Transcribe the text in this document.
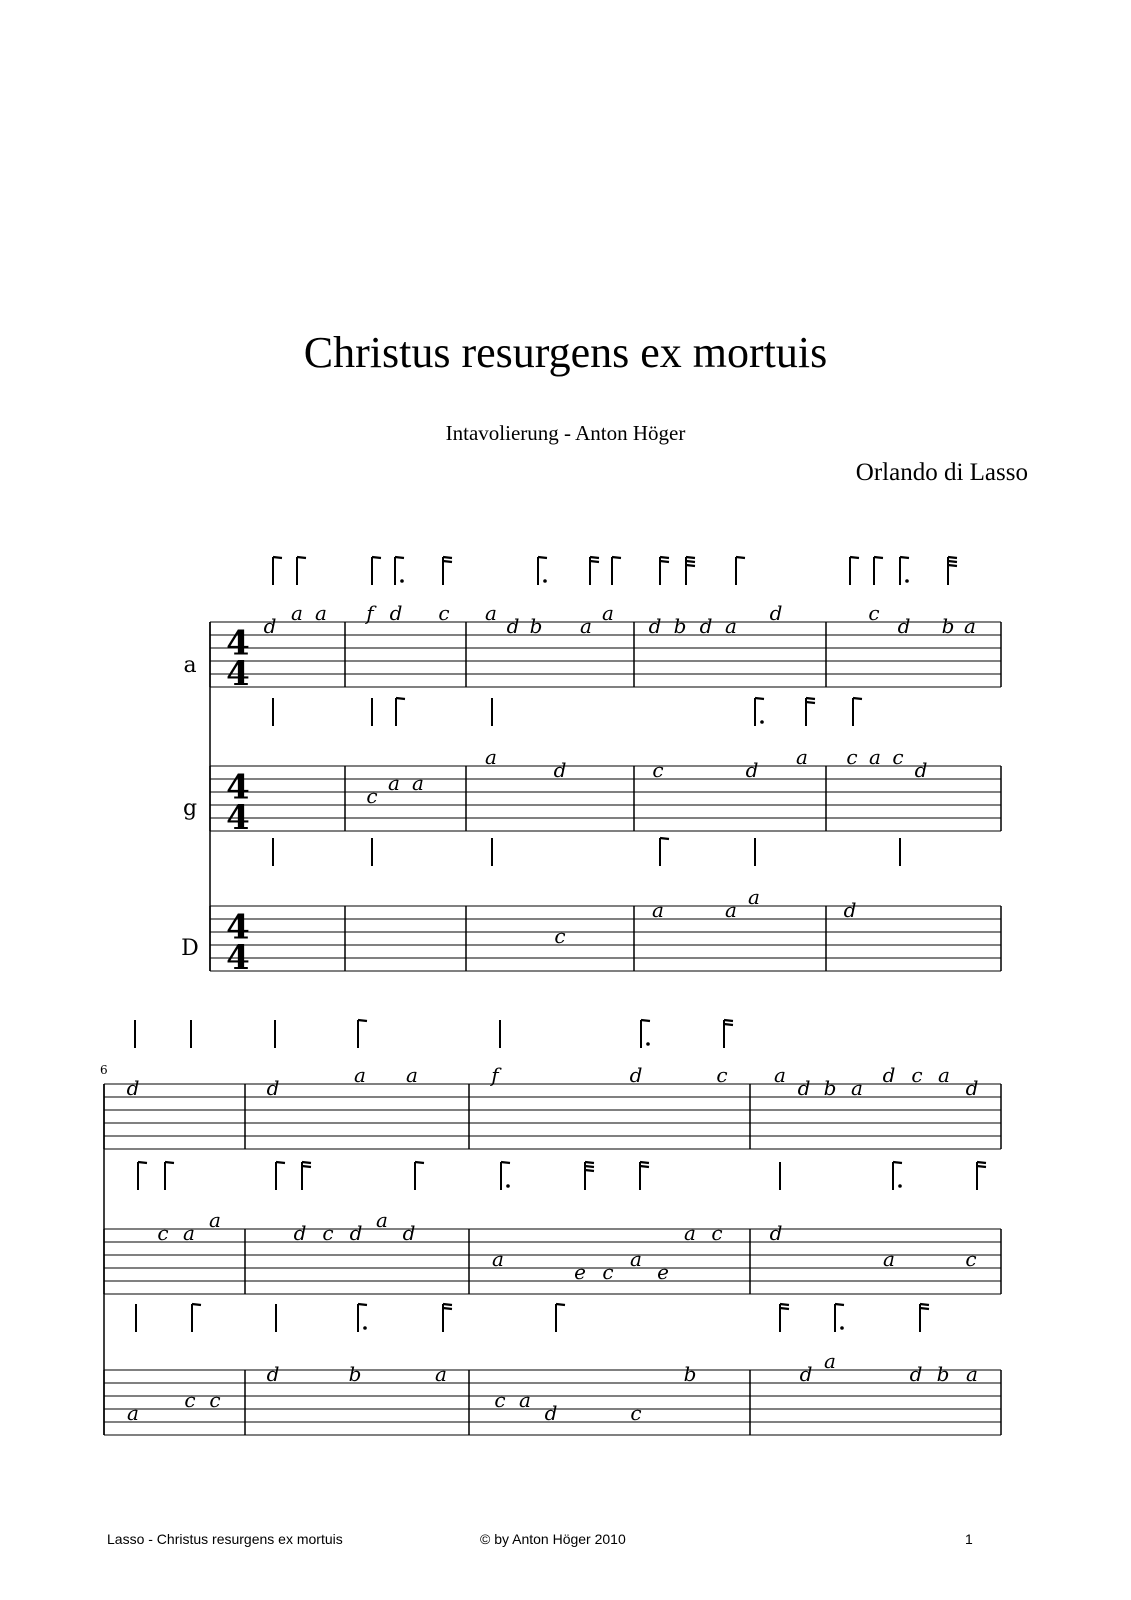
Christus resurgens ex mortuis
Intavolierung - Anton Höger
Orlando di Lasso
a
4
4
d
a a f d c a
d b a
a
d b d a
d	c
d b a
g
4
4
c
a a
a
d	c	d
a c a c
d
D
4
4
c
a	a
a
d
6
d	d
a a	f	d	c a
d b a
d c a
d
c a
a
d c d
a
d
a
e c
a
e
a c d
a	c
a
c c
d	b	a
c a
d	c
b	d
a
d b a
Lasso - Christus resurgens ex mortuis	© by Anton Höger 2010	1
